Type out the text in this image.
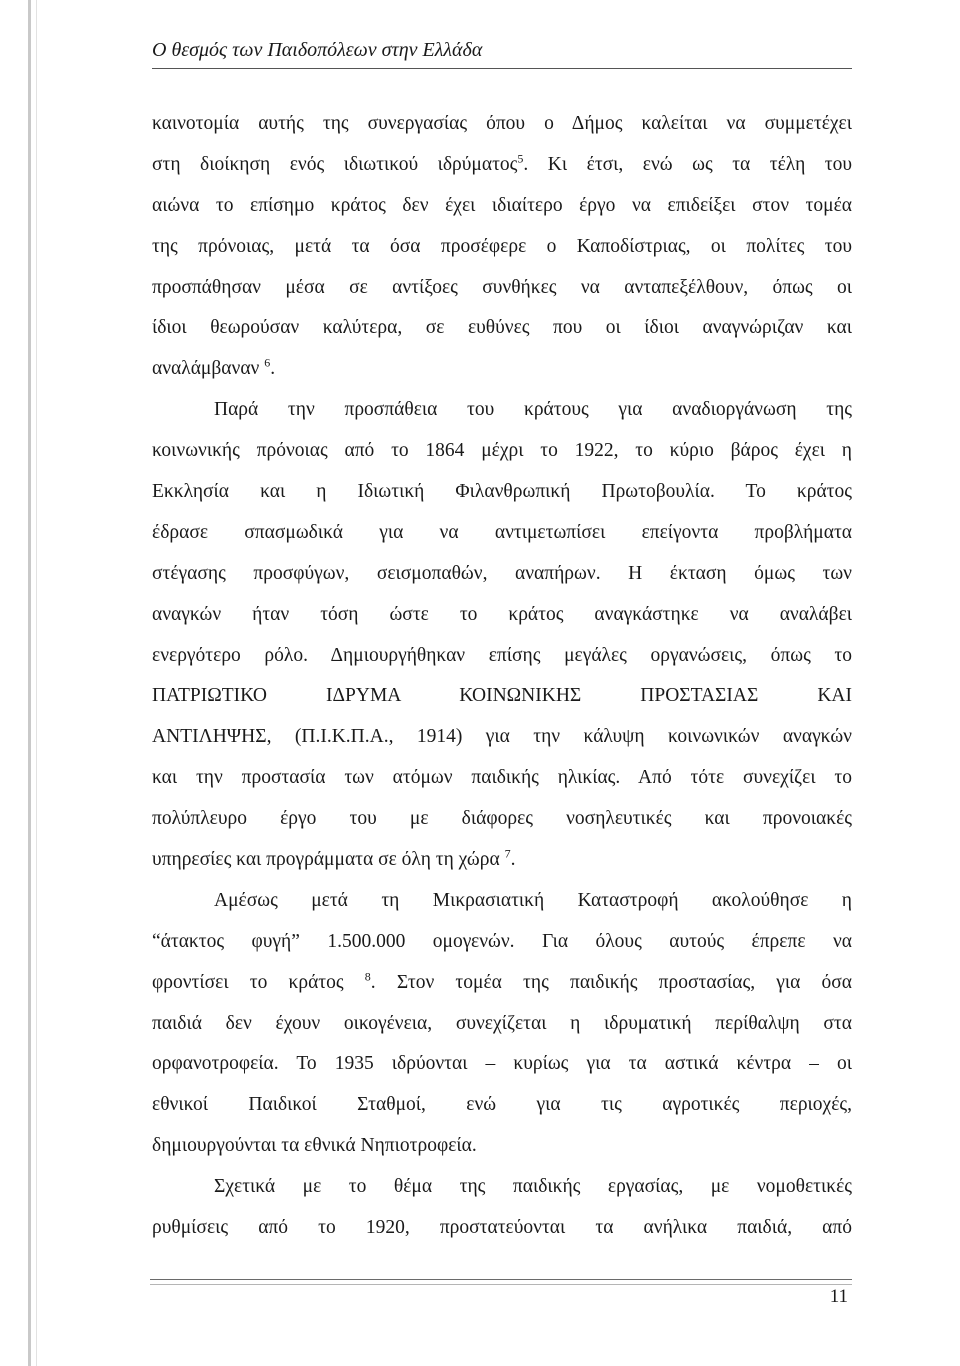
Ο θεσμός των Παιδοπόλεων στην Ελλάδα
καινοτομία αυτής της συνεργασίας όπου ο Δήμος καλείται να συμμετέχει
στη διοίκηση ενός ιδιωτικού ιδρύματος$^5$. Κι έτσι, ενώ ως τα τέλη του
αιώνα το επίσημο κράτος δεν έχει ιδιαίτερο έργο να επιδείξει στον τομέα
της πρόνοιας, μετά τα όσα προσέφερε ο Καποδίστριας, οι πολίτες του
προσπάθησαν μέσα σε αντίξοες συνθήκες να ανταπεξέλθουν, όπως οι
ίδιοι θεωρούσαν καλύτερα, σε ευθύνες που οι ίδιοι αναγνώριζαν και
αναλάμβαναν $^6$.
Παρά την προσπάθεια του κράτους για αναδιοργάνωση της
κοινωνικής πρόνοιας από το 1864 μέχρι το 1922, το κύριο βάρος έχει η
Εκκλησία και η Ιδιωτική Φιλανθρωπική Πρωτοβουλία. Το κράτος
έδρασε σπασμωδικά για να αντιμετωπίσει επείγοντα προβλήματα
στέγασης προσφύγων, σεισμοπαθών, αναπήρων. Η έκταση όμως των
αναγκών ήταν τόση ώστε το κράτος αναγκάστηκε να αναλάβει
ενεργότερο ρόλο. Δημιουργήθηκαν επίσης μεγάλες οργανώσεις, όπως το
ΠΑΤΡΙΩΤΙΚΟ ΙΔΡΥΜΑ ΚΟΙΝΩΝΙΚΗΣ ΠΡΟΣΤΑΣΙΑΣ ΚΑΙ
ΑΝΤΙΛΗΨΗΣ, (Π.Ι.Κ.Π.Α., 1914) για την κάλυψη κοινωνικών αναγκών
και την προστασία των ατόμων παιδικής ηλικίας. Από τότε συνεχίζει το
πολύπλευρο έργο του με διάφορες νοσηλευτικές και προνοιακές
υπηρεσίες και προγράμματα σε όλη τη χώρα $^7$.
Αμέσως μετά τη Μικρασιατική Καταστροφή ακολούθησε η
“άτακτος φυγή” 1.500.000 ομογενών. Για όλους αυτούς έπρεπε να
φροντίσει το κράτος $^8$. Στον τομέα της παιδικής προστασίας, για όσα
παιδιά δεν έχουν οικογένεια, συνεχίζεται η ιδρυματική περίθαλψη στα
ορφανοτροφεία. Το 1935 ιδρύονται – κυρίως για τα αστικά κέντρα – οι
εθνικοί Παιδικοί Σταθμοί, ενώ για τις αγροτικές περιοχές,
δημιουργούνται τα εθνικά Νηπιοτροφεία.
Σχετικά με το θέμα της παιδικής εργασίας, με νομοθετικές
ρυθμίσεις από το 1920, προστατεύονται τα ανήλικα παιδιά, από
11
